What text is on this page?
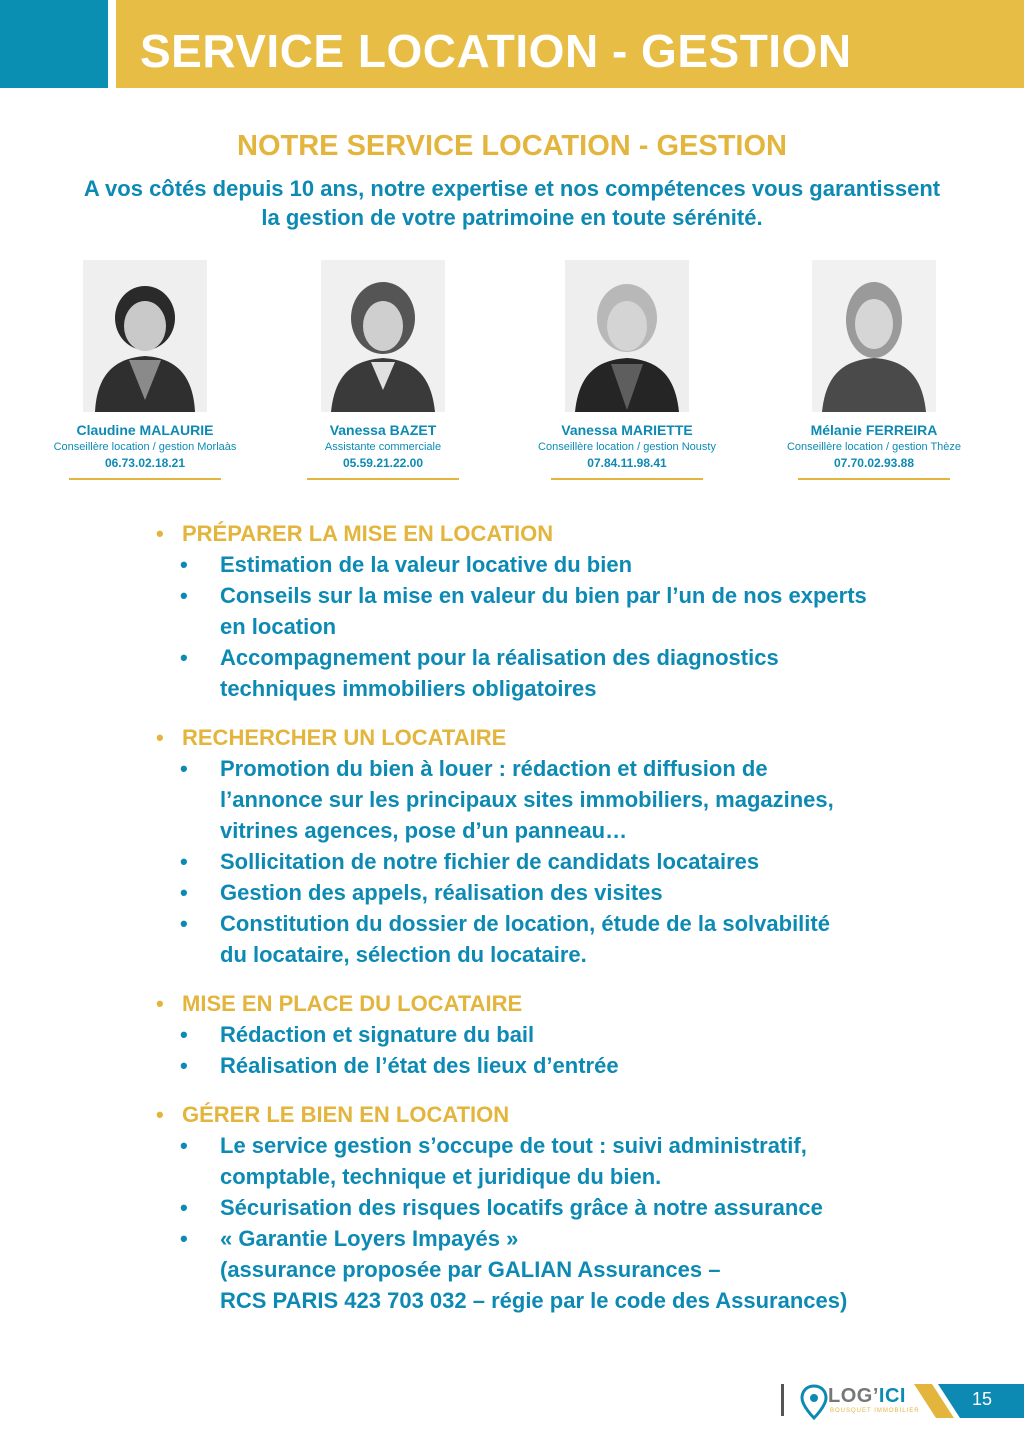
SERVICE LOCATION - GESTION
NOTRE SERVICE LOCATION - GESTION
A vos côtés depuis 10 ans, notre expertise et nos compétences vous garantissent
la gestion de votre patrimoine en toute sérénité.
Claudine MALAURIE
Conseillère location / gestion Morlaàs
06.73.02.18.21
Vanessa BAZET
Assistante commerciale
05.59.21.22.00
Vanessa MARIETTE
Conseillère location / gestion Nousty
07.84.11.98.41
Mélanie FERREIRA
Conseillère location / gestion Thèze
07.70.02.93.88
• PRÉPARER LA MISE EN LOCATION
• Estimation de la valeur locative du bien
• Conseils sur la mise en valeur du bien par l’un de nos experts
en location
• Accompagnement pour la réalisation des diagnostics
techniques immobiliers obligatoires
• RECHERCHER UN LOCATAIRE
• Promotion du bien à louer : rédaction et diffusion de
l’annonce sur les principaux sites immobiliers, magazines,
vitrines agences, pose d’un panneau…
• Sollicitation de notre fichier de candidats locataires
• Gestion des appels, réalisation des visites
• Constitution du dossier de location, étude de la solvabilité
du locataire, sélection du locataire.
• MISE EN PLACE DU LOCATAIRE
• Rédaction et signature du bail
• Réalisation de l’état des lieux d’entrée
• GÉRER LE BIEN EN LOCATION
• Le service gestion s’occupe de tout : suivi administratif,
comptable, technique et juridique du bien.
• Sécurisation des risques locatifs grâce à notre assurance
• « Garantie Loyers Impayés »
(assurance proposée par GALIAN Assurances –
RCS PARIS 423 703 032 – régie par le code des Assurances)
LOG’ICI
BOUSQUET IMMOBILIER
15
